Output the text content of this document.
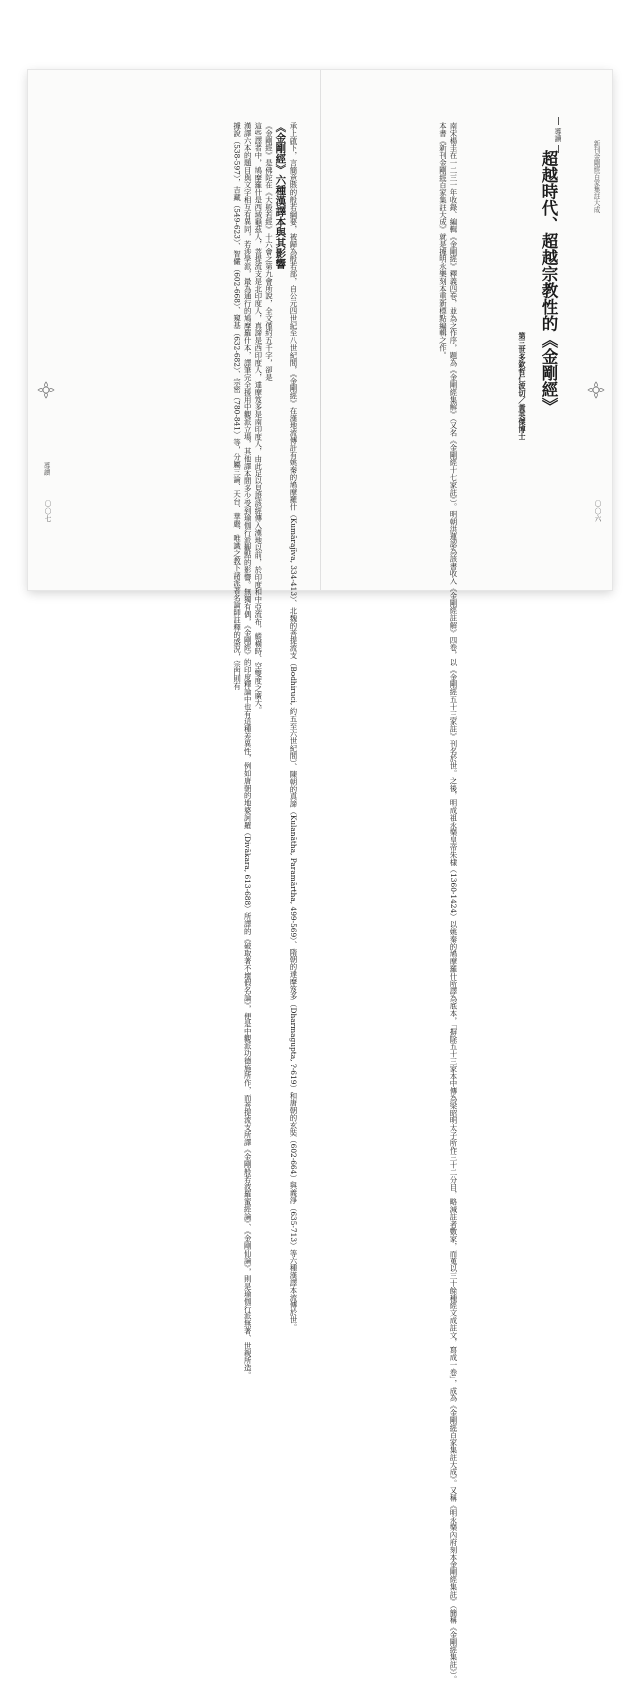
承上啟下，言簡意賅的般若綱要，被歸為般若部，自公元四世紀至八世紀間，《金剛經》在漢地流傳計有姚秦的鳩摩羅什（Kumārajīva, 334-413）、北魏的菩提流支（Bodhiruci, 約五至六世紀間）、陳朝的真諦（Kulanātha, Paramārtha, 499-569）、隋朝的達摩笈多（Dharmagupta, ?-619）和唐朝的玄奘（602-664）與義淨（635-713）等六種漢譯本流傳於世。
《金剛經》六種漢譯本與其影響
《金剛經》是佛陀在《大般若經》十六會之第九會所說，全文僅約五千字，卻是
這些譯者中，鳩摩羅什是西域龜茲人，菩提流支是北印度人，真諦是西印度人，達摩笈多是南印度人，由此足以見證該經傳入漢地以前，於印度和中亞流布，縱橫時、空雙度之廣大。
漢譯六本的題目與文字相互有異同，若涉學派，最為通行的鳩摩羅什本，譯筆完全援用中觀派立場，其他譯本間多少受到瑜伽行派觀點的影響。無獨有偶，《金剛經》的印度釋論中也有這種差異性，例如唐朝的地婆訶羅（Divākara, 613-688）所譯的《破取著不壞假名論》，便是中觀派功德施所作，而菩提流支所譯《金剛般若波羅蜜經論》、《金剛仙論》，則是瑜伽行派無著、世親所造。
據說（538-597），吉藏（549-623）、智儼（602-668）、窺基（632-682）、宗密（780-841）等，分屬三論、天台、華嚴、唯識之教下諸派著名論師註釋的盛況，宗門則有
導讀
〇〇七
新刊金剛經百家集註大成
〇〇六
導讀
超越時代、超越宗教性的《金剛經》
第三世多欽哲仁波切／黃英傑博士
南宋楊圭在一二三一年收錄、編輯《金剛經》釋義四卷，並為之作序，題為《金剛經集解》（又名《金剛經十七家註》）。明朝洪蓮認為該書收入《金剛經註解》四卷，以《金剛經五十三家註》刊名於世。之後，明成祖永樂皇帝朱棣（1360-1424）以姚秦的鳩摩羅什所譯為底本，「摒除五十三家本中傳為梁昭明太子所作三十二分目，略減註者數家，而蒐以三十餘種經文成註文，寫成一卷」，成為《金剛經百家集註大成》。又稱《明永樂內府刻本金剛經集註》（簡稱《金剛經集註》）。
本書《新刊金剛經百家集註大成》就是據明永樂刻本重新標點編輯之作。
